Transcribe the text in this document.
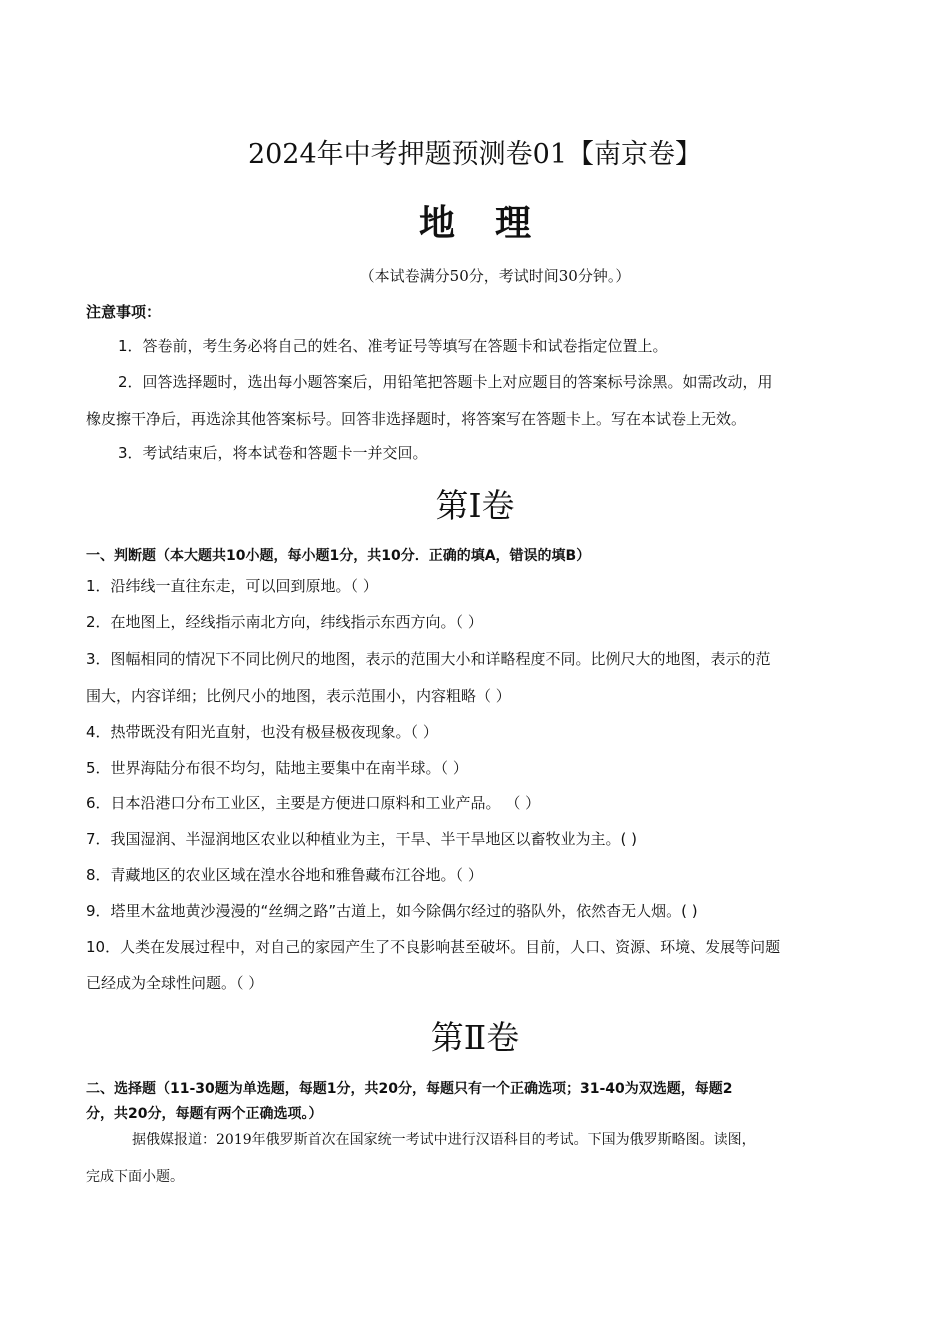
2024年中考押题预测卷01【南京卷】
地理
（本试卷满分50分，考试时间30分钟。）
注意事项：
1．答卷前，考生务必将自己的姓名、准考证号等填写在答题卡和试卷指定位置上。
2．回答选择题时，选出每小题答案后，用铅笔把答题卡上对应题目的答案标号涂黑。如需改动，用
橡皮擦干净后，再选涂其他答案标号。回答非选择题时，将答案写在答题卡上。写在本试卷上无效。
3．考试结束后，将本试卷和答题卡一并交回。
第Ⅰ卷
一、判断题（本大题共10小题，每小题1分，共10分．正确的填A，错误的填B）
1．沿纬线一直往东走，可以回到原地。（ ）
2．在地图上，经线指示南北方向，纬线指示东西方向。（ ）
3．图幅相同的情况下不同比例尺的地图，表示的范围大小和详略程度不同。比例尺大的地图，表示的范
围大，内容详细；比例尺小的地图，表示范围小，内容粗略（ ）
4．热带既没有阳光直射，也没有极昼极夜现象。（ ）
5．世界海陆分布很不均匀，陆地主要集中在南半球。（ ）
6．日本沿港口分布工业区，主要是方便进口原料和工业产品。 （ ）
7．我国湿润、半湿润地区农业以种植业为主，干旱、半干旱地区以畜牧业为主。( )
8．青藏地区的农业区域在湟水谷地和雅鲁藏布江谷地。（ ）
9．塔里木盆地黄沙漫漫的“丝绸之路”古道上，如今除偶尔经过的骆队外，依然杳无人烟。( )
10．人类在发展过程中，对自己的家园产生了不良影响甚至破坏。目前，人口、资源、环境、发展等问题
已经成为全球性问题。（ ）
第Ⅱ卷
二、选择题（11-30题为单选题，每题1分，共20分，每题只有一个正确选项；31-40为双选题，每题2
分，共20分，每题有两个正确选项。）
据俄媒报道：2019年俄罗斯首次在国家统一考试中进行汉语科目的考试。下国为俄罗斯略图。读图，
完成下面小题。
